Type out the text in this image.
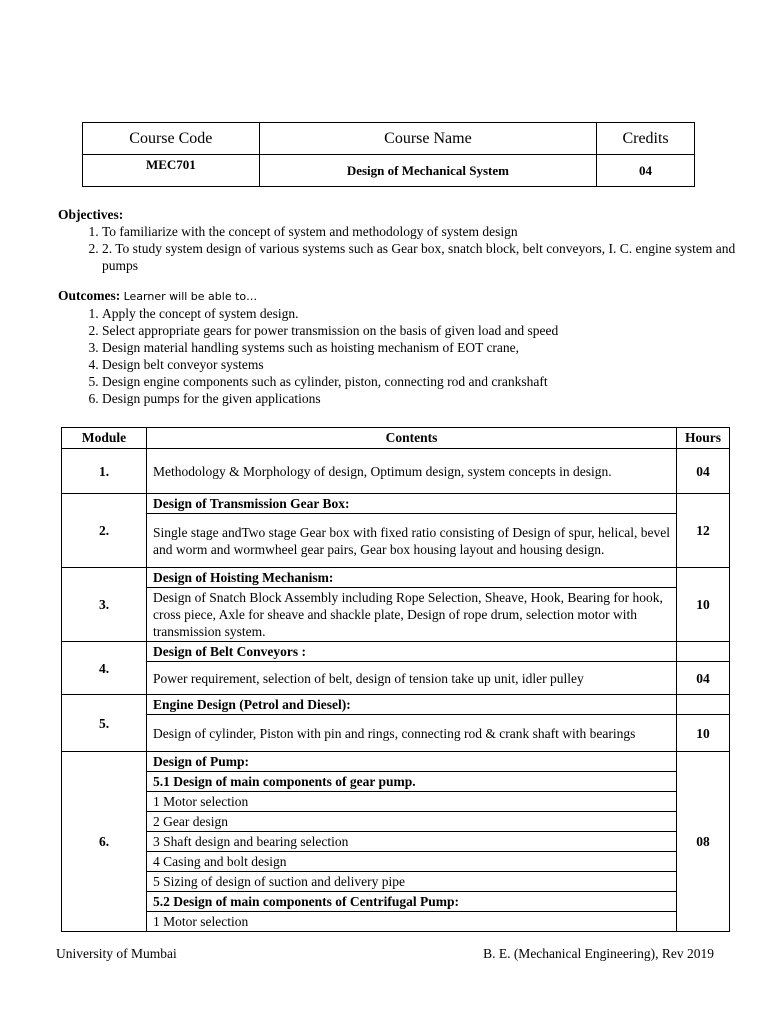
Course Code	Course Name	Credits
MEC701	Design of Mechanical System	04
Objectives:
1. To familiarize with the concept of system and methodology of system design
2. 2. To study system design of various systems such as Gear box, snatch block, belt conveyors, I. C. engine system and pumps
Outcomes: Learner will be able to…
1. Apply the concept of system design.
2. Select appropriate gears for power transmission on the basis of given load and speed
3. Design material handling systems such as hoisting mechanism of EOT crane,
4. Design belt conveyor systems
5. Design engine components such as cylinder, piston, connecting rod and crankshaft
6. Design pumps for the given applications
Module	Contents	Hours
1.	Methodology & Morphology of design, Optimum design, system concepts in design.	04
2.	Design of Transmission Gear Box:	12
	Single stage andTwo stage Gear box with fixed ratio consisting of Design of spur, helical, bevel and worm and wormwheel gear pairs, Gear box housing layout and housing design.	
3.	Design of Hoisting Mechanism:	10
	Design of Snatch Block Assembly including Rope Selection, Sheave, Hook, Bearing for hook, cross piece, Axle for sheave and shackle plate, Design of rope drum, selection motor with transmission system.	
4.	Design of Belt Conveyors :	
	Power requirement, selection of belt, design of tension take up unit, idler pulley	04
5.	Engine Design (Petrol and Diesel):	
	Design of cylinder, Piston with pin and rings, connecting rod & crank shaft with bearings	10
6.	Design of Pump:	08
	5.1 Design of main components of gear pump.	
	1 Motor selection	
	2 Gear design	
	3 Shaft design and bearing selection	
	4 Casing and bolt design	
	5 Sizing of design of suction and delivery pipe	
	5.2 Design of main components of Centrifugal Pump:	
	1 Motor selection	
University of Mumbai	B. E. (Mechanical Engineering), Rev 2019
